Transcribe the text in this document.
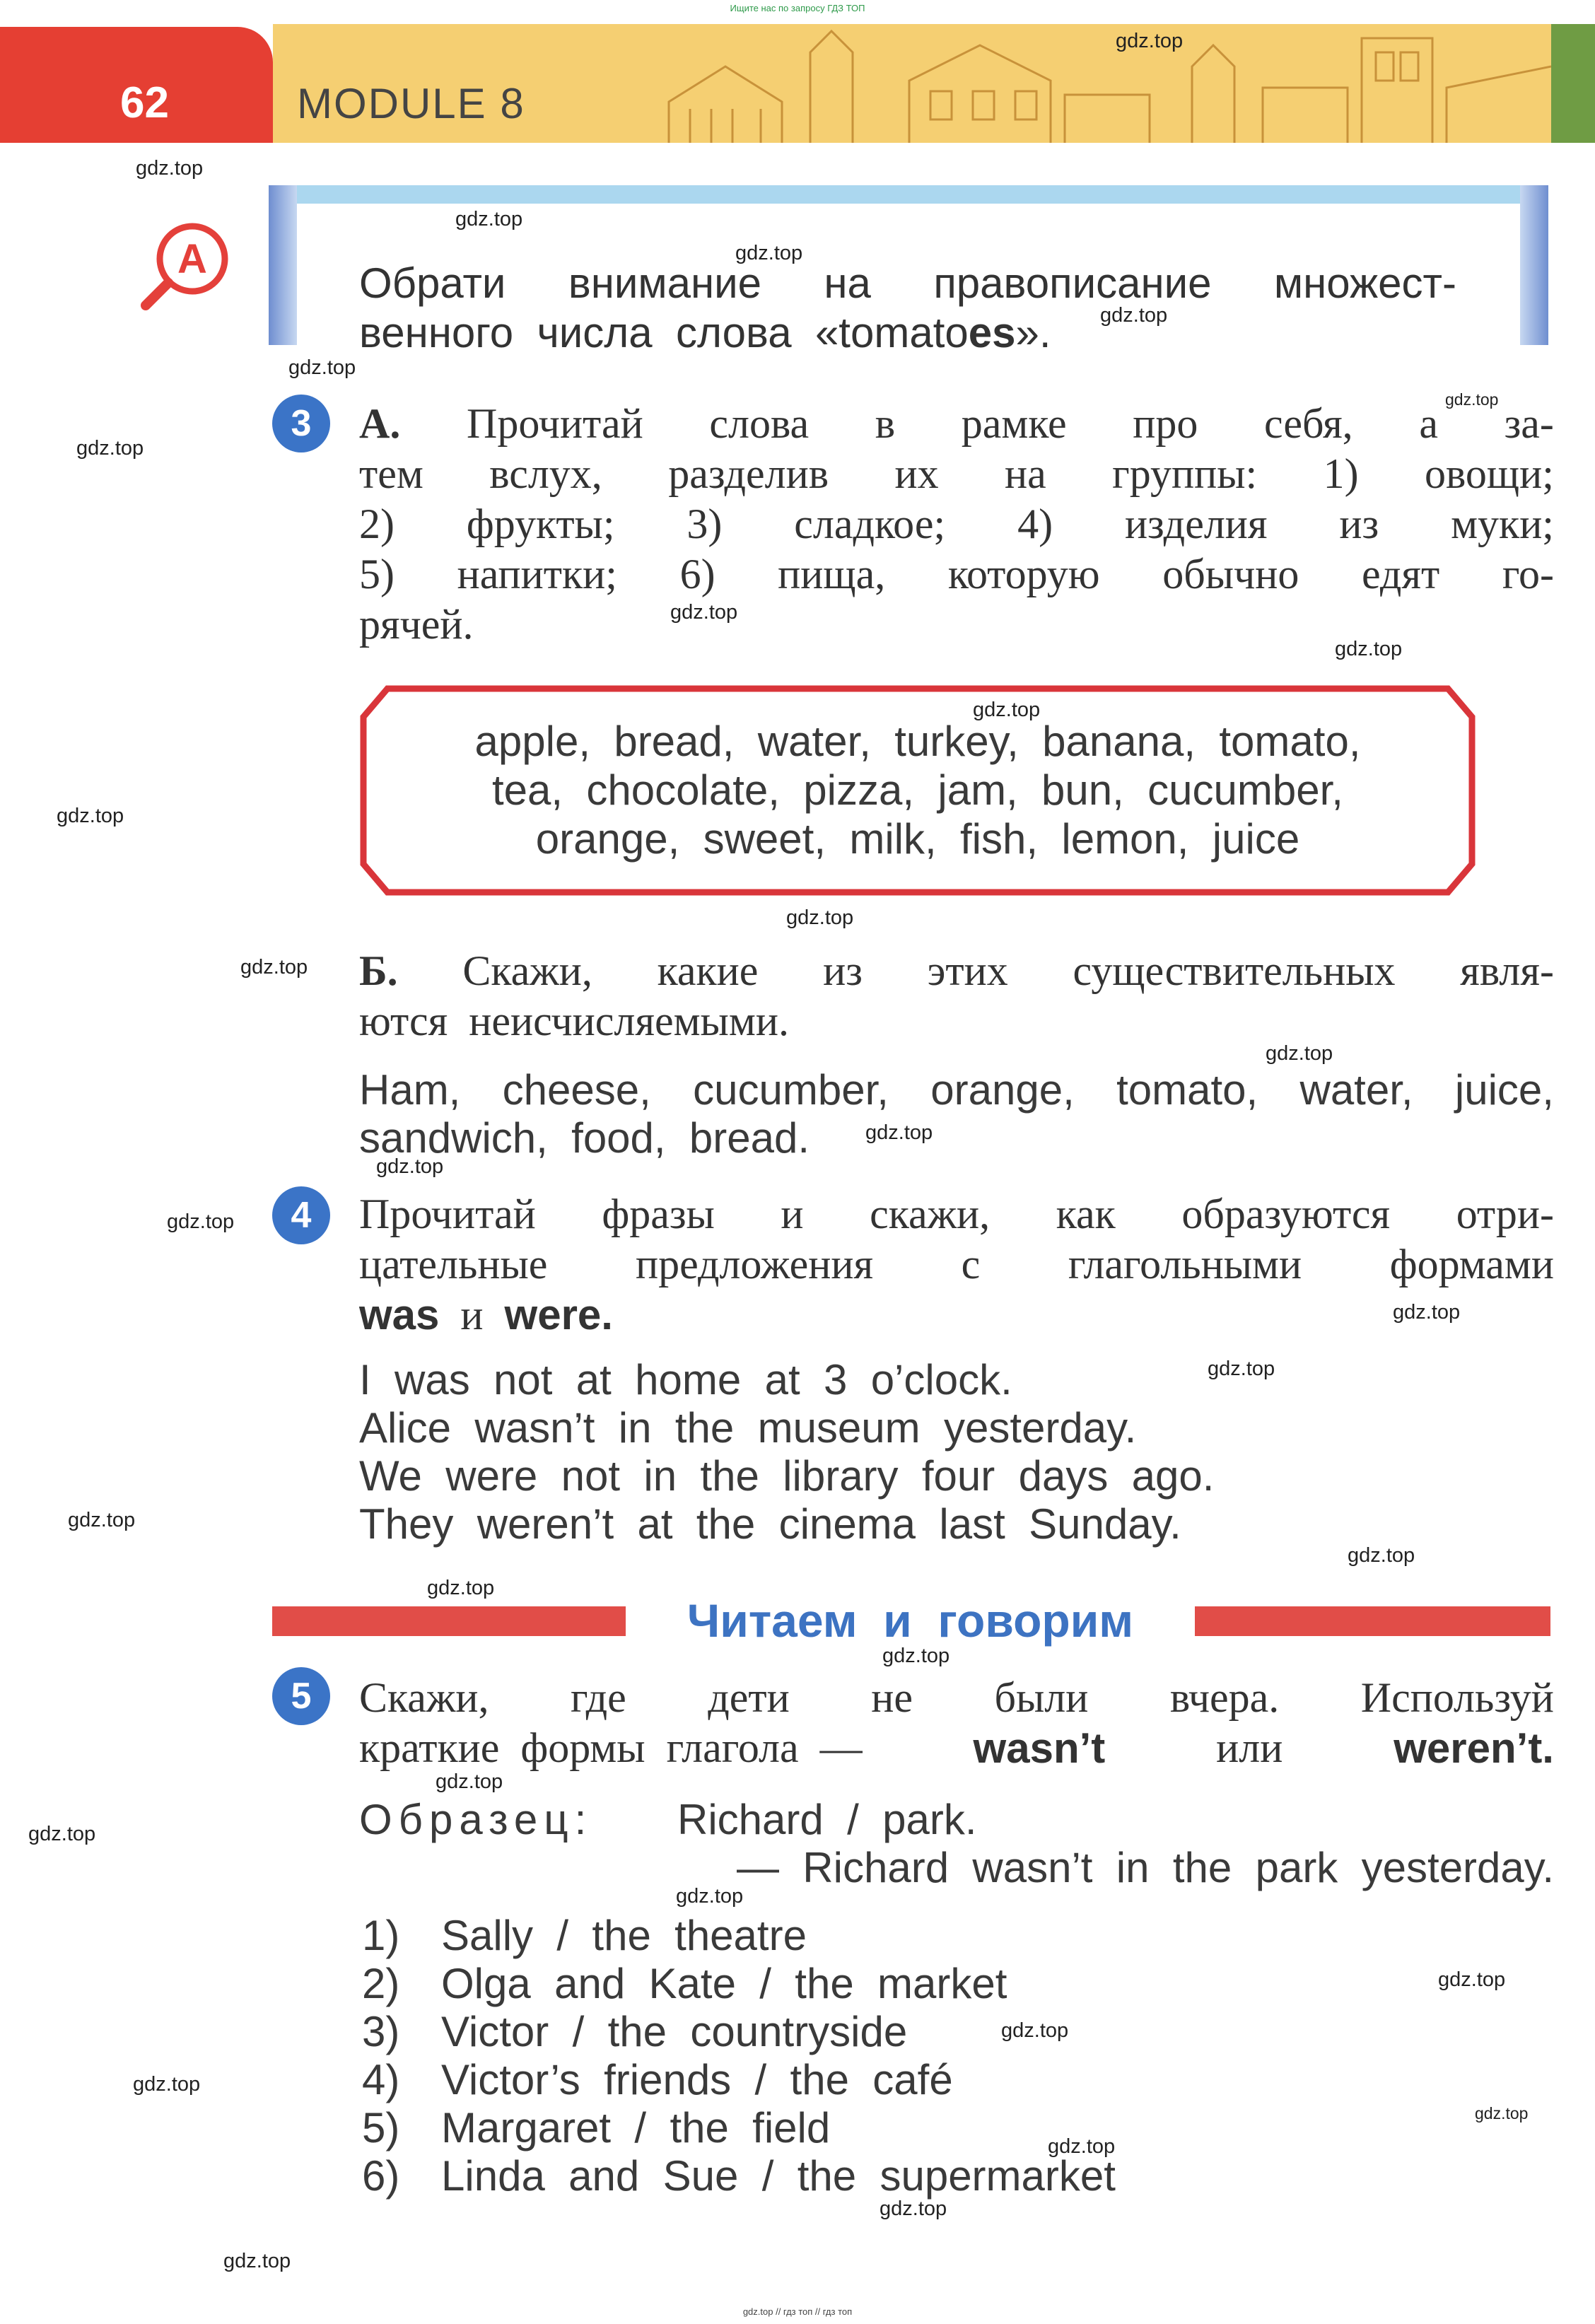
Ищите нас по запросу ГДЗ ТОП
62	MODULE 8
A
Обрати внимание на правописание множест-
венного  числа  слова  «tomatoes».
3	А. Прочитай слова в рамке про себя, а за-
тем вслух, разделив их на группы: 1) овощи;
2) фрукты; 3) сладкое; 4) изделия из муки;
5) напитки; 6) пища, которую обычно едят го-
рячей.
apple,  bread,  water,  turkey,  banana,  tomato,
tea,  chocolate,  pizza,  jam,  bun,  cucumber,
orange,  sweet,  milk,  fish,  lemon,  juice
Б. Скажи, какие из этих существительных явля-
ются  неисчисляемыми.
Ham, cheese, cucumber, orange, tomato, water, juice,
sandwich,  food,  bread.
4	Прочитай фразы и скажи, как образуются отри-
цательные предложения с глагольными формами
was и were.
I  was  not  at  home  at  3  o’clock.
Alice  wasn’t  in  the  museum  yesterday.
We  were  not  in  the  library  four  days  ago.
They  weren’t  at  the  cinema  last  Sunday.
Читаем  и  говорим
5	Скажи, где дети не были вчера. Используй
краткие  формы  глагола  —	wasn’t	или	weren’t.
Образец: Richard  /  park.
—  Richard  wasn’t  in  the  park  yesterday.
1) Sally  /  the  theatre
2) Olga  and  Kate  /  the  market
3) Victor  /  the  countryside
4) Victor’s  friends  /  the  café
5) Margaret  /  the  field
6) Linda  and  Sue  /  the  supermarket
gdz.top
gdz.top
gdz.top
gdz.top
gdz.top
gdz.top
gdz.top
gdz.top
gdz.top
gdz.top
gdz.top
gdz.top
gdz.top
gdz.top
gdz.top
gdz.top
gdz.top
gdz.top
gdz.top
gdz.top
gdz.top
gdz.top
gdz.top
gdz.top
gdz.top
gdz.top
gdz.top
gdz.top
gdz.top
gdz.top
gdz.top
gdz.top
gdz.top
gdz.top
gdz.top // гдз топ // гдз топ
